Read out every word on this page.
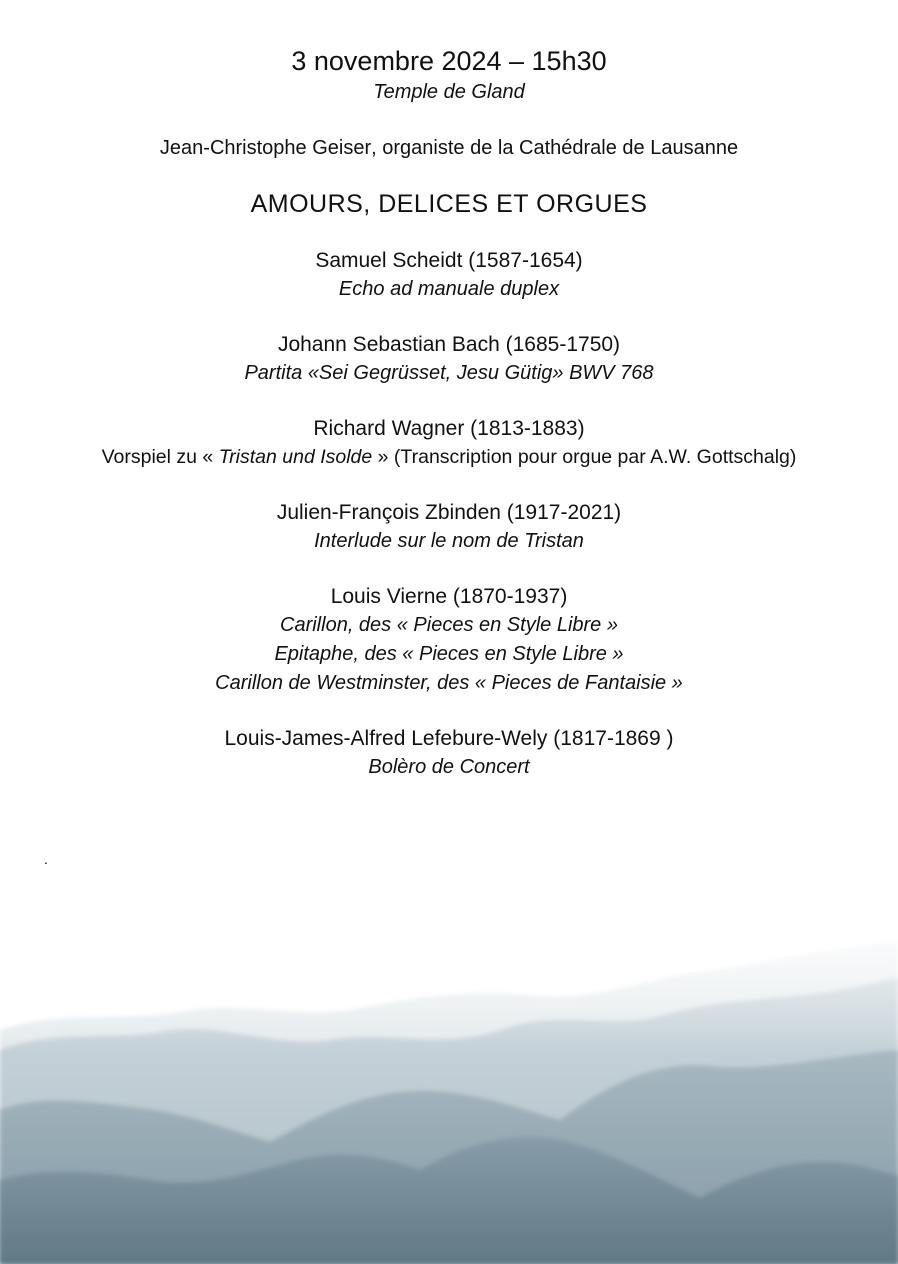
3 novembre 2024 – 15h30
Temple de Gland
Jean-Christophe Geiser, organiste de la Cathédrale de Lausanne
AMOURS, DELICES ET ORGUES
Samuel Scheidt (1587-1654)
Echo ad manuale duplex
Johann Sebastian Bach (1685-1750)
Partita «Sei Gegrüsset, Jesu Gütig» BWV 768
Richard Wagner (1813-1883)
Vorspiel zu « Tristan und Isolde » (Transcription pour orgue par A.W. Gottschalg)
Julien-François Zbinden (1917-2021)
Interlude sur le nom de Tristan
Louis Vierne (1870-1937)
Carillon, des « Pieces en Style Libre »
Epitaphe, des « Pieces en Style Libre »
Carillon de Westminster, des « Pieces de Fantaisie »
Louis-James-Alfred Lefebure-Wely (1817-1869 )
Bolèro de Concert
.
